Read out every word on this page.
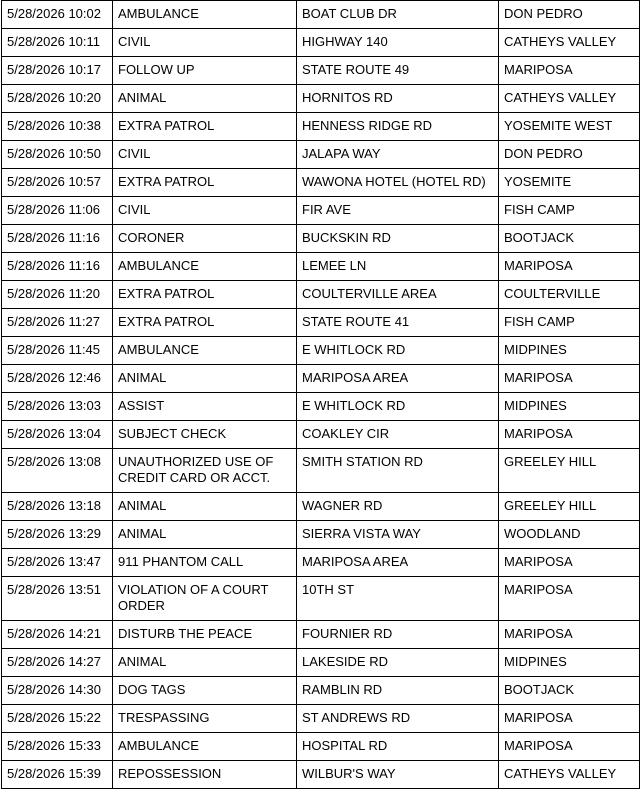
5/28/2026 10:02	AMBULANCE	BOAT CLUB DR	DON PEDRO
5/28/2026 10:11	CIVIL	HIGHWAY 140	CATHEYS VALLEY
5/28/2026 10:17	FOLLOW UP	STATE ROUTE 49	MARIPOSA
5/28/2026 10:20	ANIMAL	HORNITOS RD	CATHEYS VALLEY
5/28/2026 10:38	EXTRA PATROL	HENNESS RIDGE RD	YOSEMITE WEST
5/28/2026 10:50	CIVIL	JALAPA WAY	DON PEDRO
5/28/2026 10:57	EXTRA PATROL	WAWONA HOTEL (HOTEL RD)	YOSEMITE
5/28/2026 11:06	CIVIL	FIR AVE	FISH CAMP
5/28/2026 11:16	CORONER	BUCKSKIN RD	BOOTJACK
5/28/2026 11:16	AMBULANCE	LEMEE LN	MARIPOSA
5/28/2026 11:20	EXTRA PATROL	COULTERVILLE AREA	COULTERVILLE
5/28/2026 11:27	EXTRA PATROL	STATE ROUTE 41	FISH CAMP
5/28/2026 11:45	AMBULANCE	E WHITLOCK RD	MIDPINES
5/28/2026 12:46	ANIMAL	MARIPOSA AREA	MARIPOSA
5/28/2026 13:03	ASSIST	E WHITLOCK RD	MIDPINES
5/28/2026 13:04	SUBJECT CHECK	COAKLEY CIR	MARIPOSA
5/28/2026 13:08	UNAUTHORIZED USE OF CREDIT CARD OR ACCT.	SMITH STATION RD	GREELEY HILL
5/28/2026 13:18	ANIMAL	WAGNER RD	GREELEY HILL
5/28/2026 13:29	ANIMAL	SIERRA VISTA WAY	WOODLAND
5/28/2026 13:47	911 PHANTOM CALL	MARIPOSA AREA	MARIPOSA
5/28/2026 13:51	VIOLATION OF A COURT ORDER	10TH ST	MARIPOSA
5/28/2026 14:21	DISTURB THE PEACE	FOURNIER RD	MARIPOSA
5/28/2026 14:27	ANIMAL	LAKESIDE RD	MIDPINES
5/28/2026 14:30	DOG TAGS	RAMBLIN RD	BOOTJACK
5/28/2026 15:22	TRESPASSING	ST ANDREWS RD	MARIPOSA
5/28/2026 15:33	AMBULANCE	HOSPITAL RD	MARIPOSA
5/28/2026 15:39	REPOSSESSION	WILBUR'S WAY	CATHEYS VALLEY
